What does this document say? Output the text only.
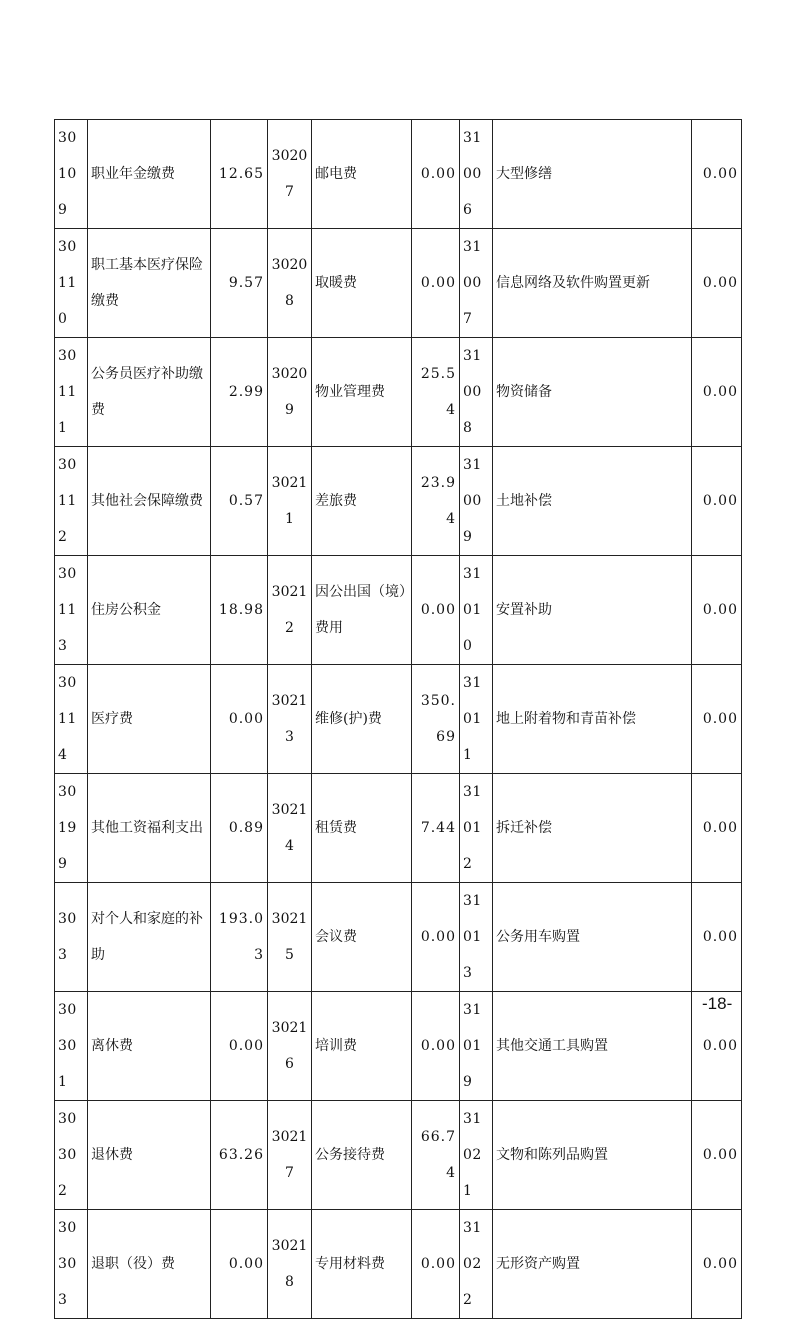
30109	职业年金缴费	12.65	30207	邮电费	0.00	31006	大型修缮	0.00
30110	职工基本医疗保险缴费	9.57	30208	取暖费	0.00	31007	信息网络及软件购置更新	0.00
30111	公务员医疗补助缴费	2.99	30209	物业管理费	25.54	31008	物资储备	0.00
30112	其他社会保障缴费	0.57	30211	差旅费	23.94	31009	土地补偿	0.00
30113	住房公积金	18.98	30212	因公出国（境）费用	0.00	31010	安置补助	0.00
30114	医疗费	0.00	30213	维修(护)费	350.69	31011	地上附着物和青苗补偿	0.00
30199	其他工资福利支出	0.89	30214	租赁费	7.44	31012	拆迁补偿	0.00
303	对个人和家庭的补助	193.03	30215	会议费	0.00	31013	公务用车购置	0.00
30301	离休费	0.00	30216	培训费	0.00	31019	其他交通工具购置	0.00
30302	退休费	63.26	30217	公务接待费	66.74	31021	文物和陈列品购置	0.00
30303	退职（役）费	0.00	30218	专用材料费	0.00	31022	无形资产购置	0.00
-18-
